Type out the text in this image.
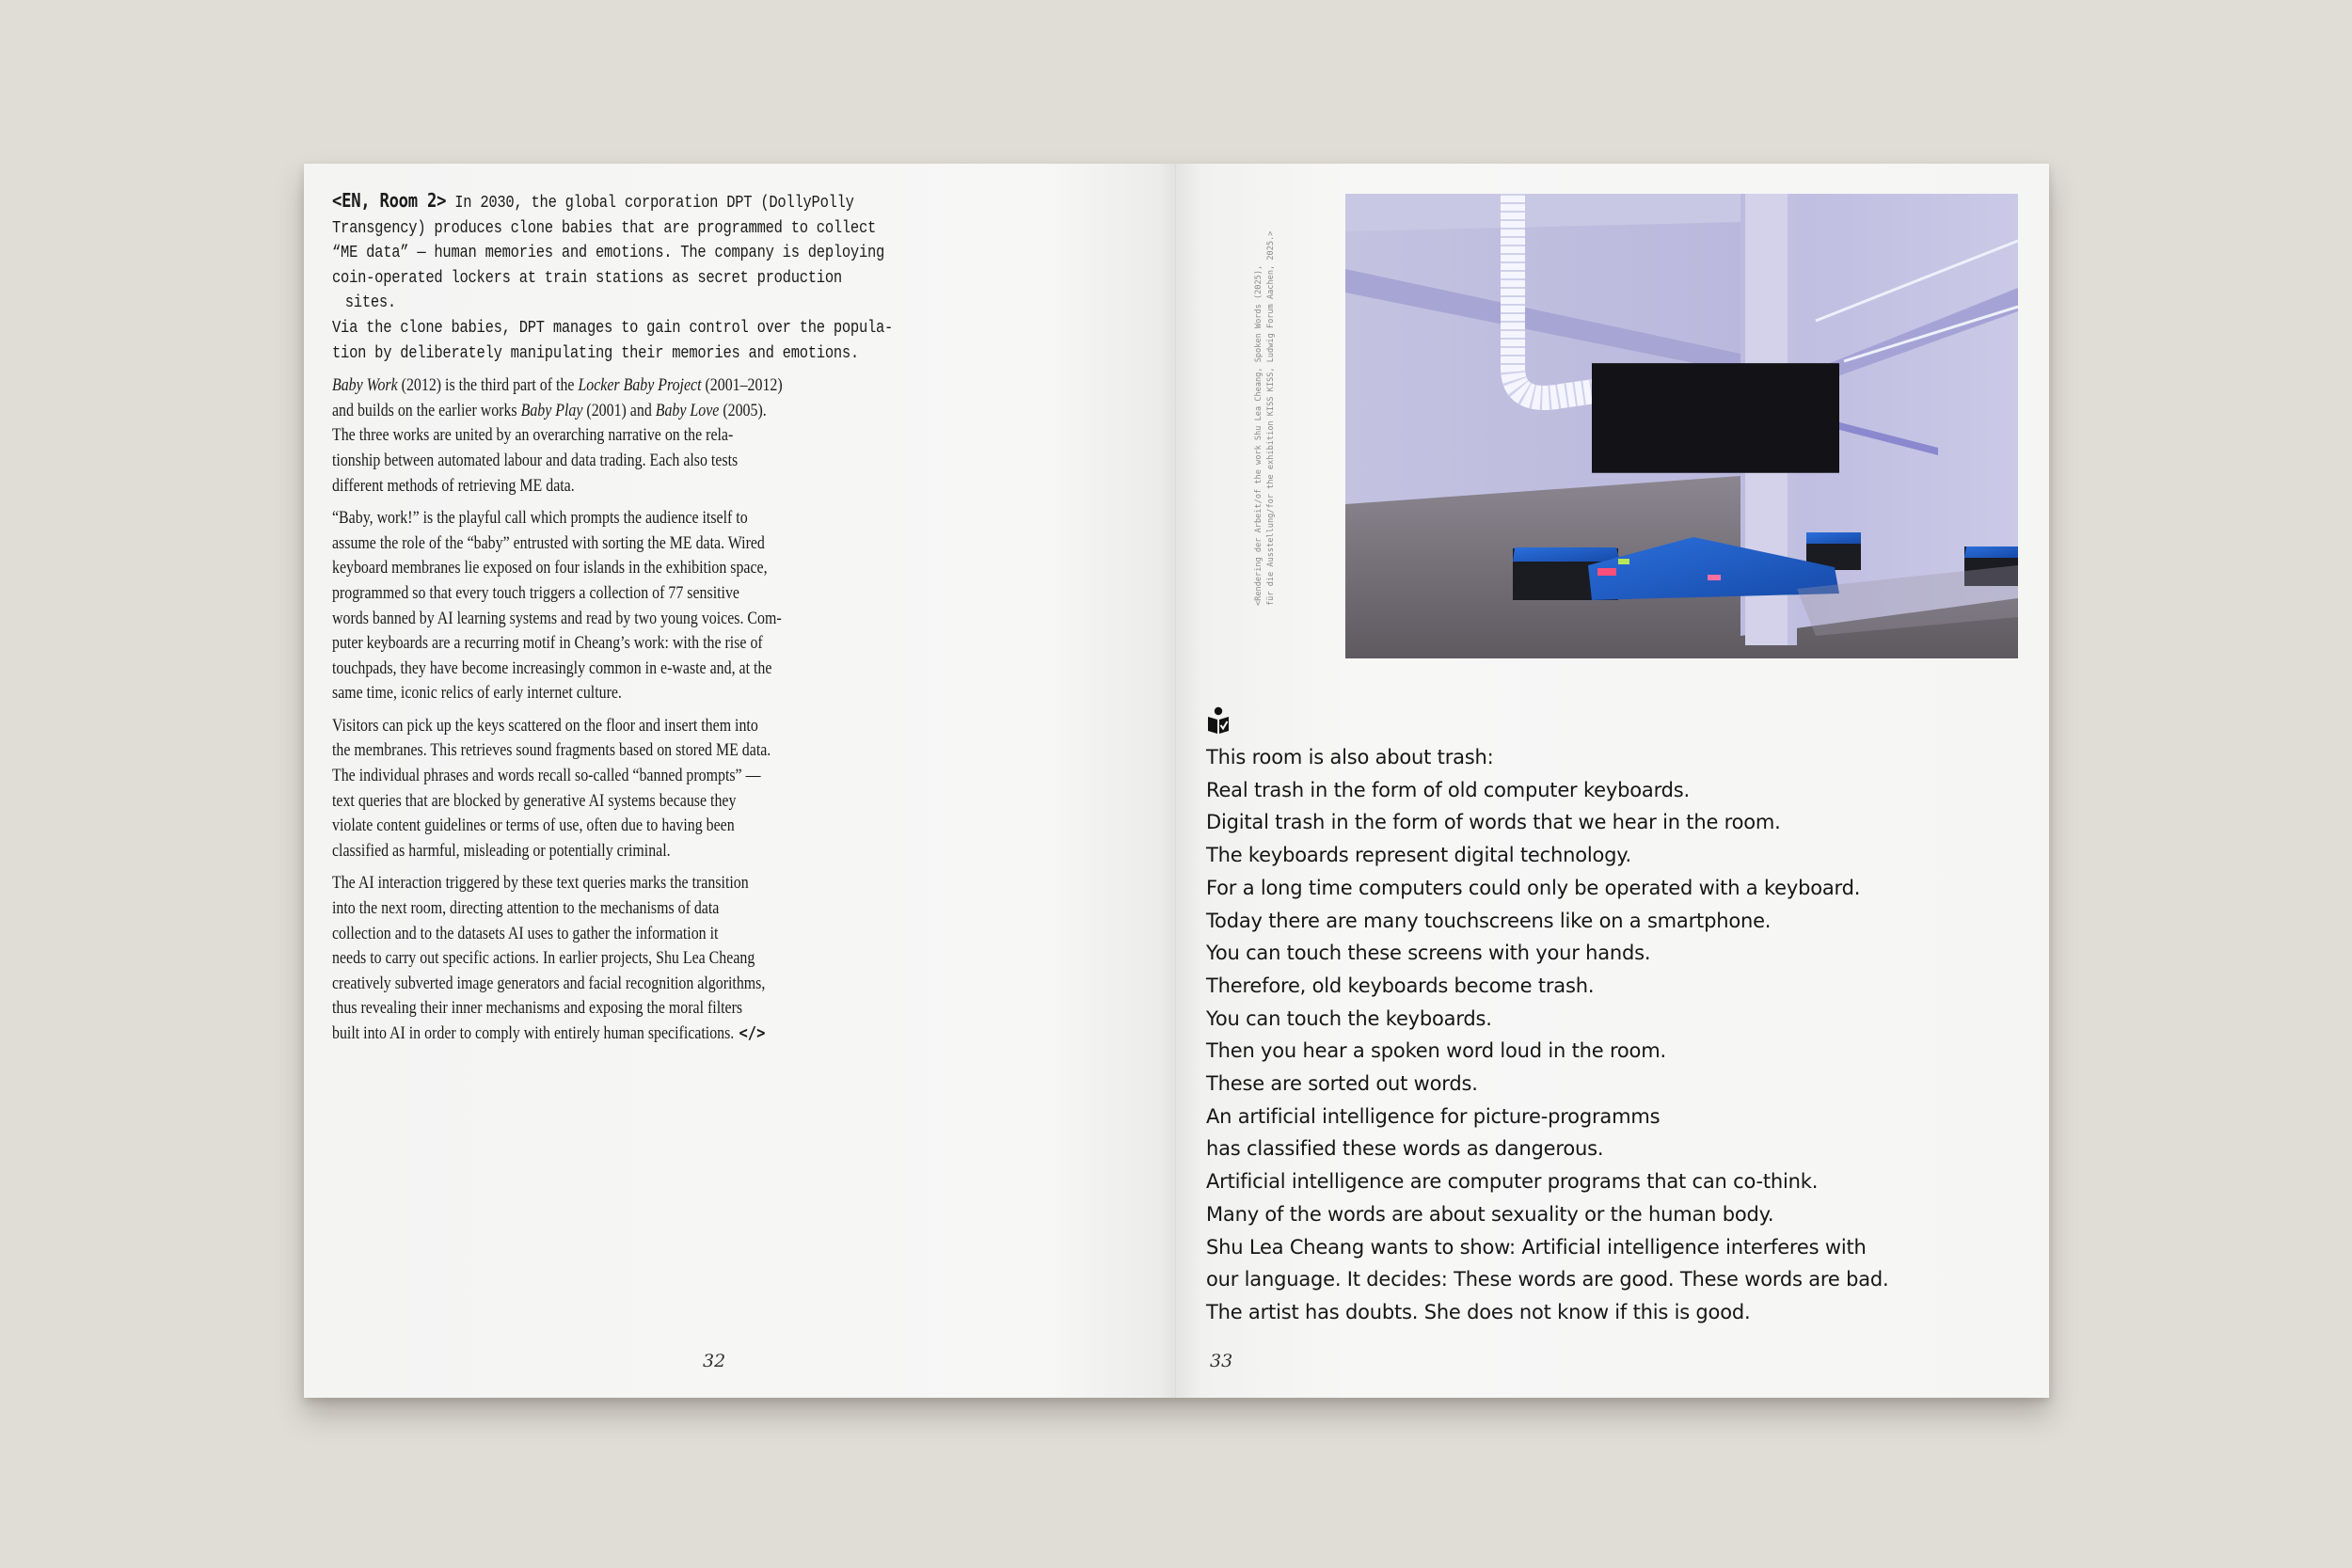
<EN, Room 2> In 2030, the global corporation DPT (DollyPolly
Transgency) produces clone babies that are programmed to collect
“ME data” — human memories and emotions. The company is deploying
coin-operated lockers at train stations as secret production sites.
Via the clone babies, DPT manages to gain control over the popula-
tion by deliberately manipulating their memories and emotions.

Baby Work (2012) is the third part of the Locker Baby Project (2001–2012)
and builds on the earlier works Baby Play (2001) and Baby Love (2005).
The three works are united by an overarching narrative on the rela-
tionship between automated labour and data trading. Each also tests
different methods of retrieving ME data.

“Baby, work!” is the playful call which prompts the audience itself to
assume the role of the “baby” entrusted with sorting the ME data. Wired
keyboard membranes lie exposed on four islands in the exhibition space,
programmed so that every touch triggers a collection of 77 sensitive
words banned by AI learning systems and read by two young voices. Com-
puter keyboards are a recurring motif in Cheang’s work: with the rise of
touchpads, they have become increasingly common in e-waste and, at the
same time, iconic relics of early internet culture.

Visitors can pick up the keys scattered on the floor and insert them into
the membranes. This retrieves sound fragments based on stored ME data.
The individual phrases and words recall so-called “banned prompts” —
text queries that are blocked by generative AI systems because they
violate content guidelines or terms of use, often due to having been
classified as harmful, misleading or potentially criminal.

The AI interaction triggered by these text queries marks the transition
into the next room, directing attention to the mechanisms of data
collection and to the datasets AI uses to gather the information it
needs to carry out specific actions. In earlier projects, Shu Lea Cheang
creatively subverted image generators and facial recognition algorithms,
thus revealing their inner mechanisms and exposing the moral filters
built into AI in order to comply with entirely human specifications. </>

32
<Rendering der Arbeit/of the work Shu Lea Cheang, Spoken Words (2025), für die Ausstellung/for the exhibition KISS KISS, Ludwig Forum Aachen, 2025.>
This room is also about trash:
Real trash in the form of old computer keyboards.
Digital trash in the form of words that we hear in the room.
The keyboards represent digital technology.
For a long time computers could only be operated with a keyboard.
Today there are many touchscreens like on a smartphone.
You can touch these screens with your hands.
Therefore, old keyboards become trash.
You can touch the keyboards.
Then you hear a spoken word loud in the room.
These are sorted out words.
An artificial intelligence for picture-programms
has classified these words as dangerous.
Artificial intelligence are computer programs that can co-think.
Many of the words are about sexuality or the human body.
Shu Lea Cheang wants to show: Artificial intelligence interferes with
our language. It decides: These words are good. These words are bad.
The artist has doubts. She does not know if this is good.
33
